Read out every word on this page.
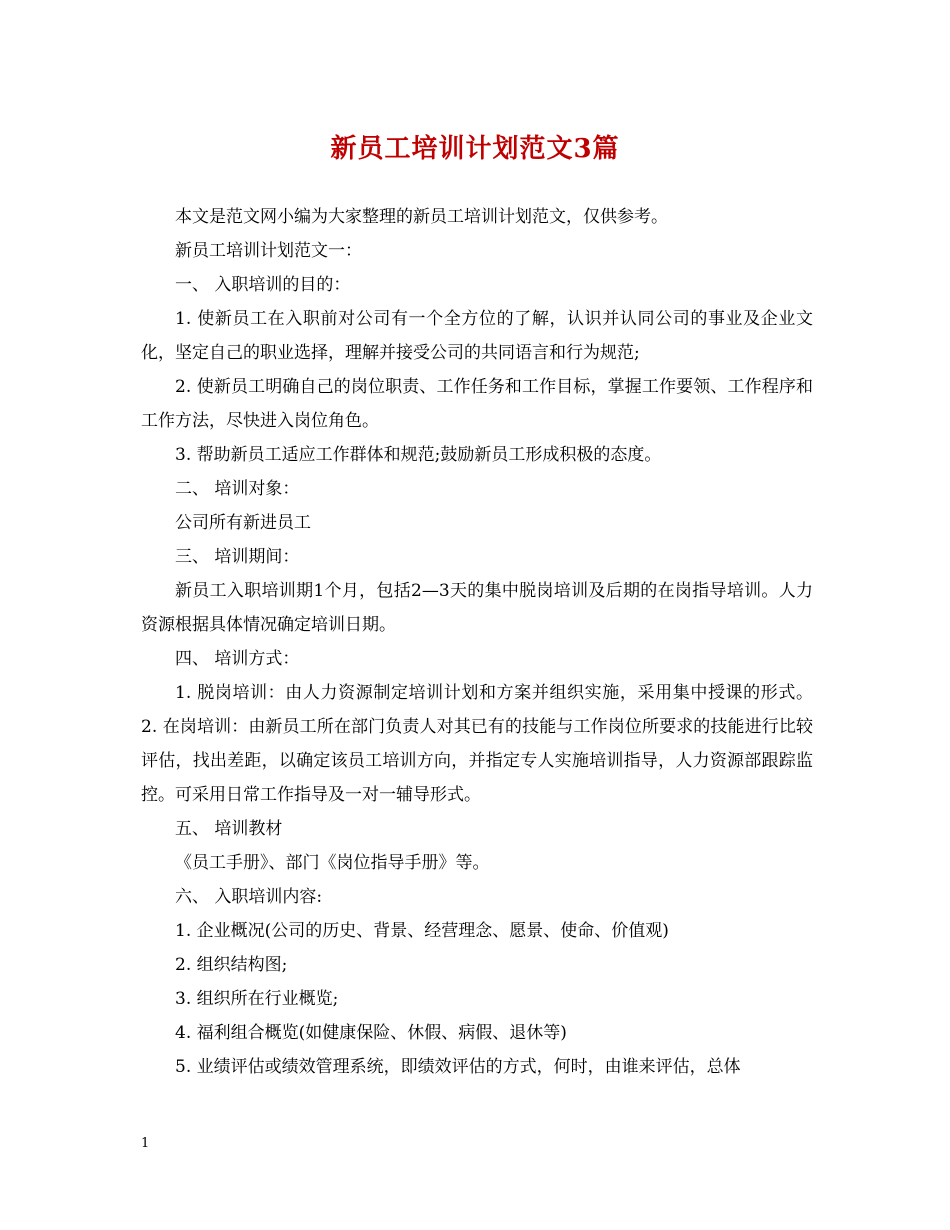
新员工培训计划范文3篇

本文是范文网小编为大家整理的新员工培训计划范文，仅供参考。

新员工培训计划范文一：

一、 入职培训的目的：

1. 使新员工在入职前对公司有一个全方位的了解，认识并认同公司的事业及企业文化，坚定自己的职业选择，理解并接受公司的共同语言和行为规范;

2. 使新员工明确自己的岗位职责、工作任务和工作目标，掌握工作要领、工作程序和工作方法，尽快进入岗位角色。

3. 帮助新员工适应工作群体和规范;鼓励新员工形成积极的态度。

二、 培训对象：

公司所有新进员工

三、 培训期间：

新员工入职培训期1个月，包括2—3天的集中脱岗培训及后期的在岗指导培训。人力资源根据具体情况确定培训日期。

四、 培训方式：

1. 脱岗培训：由人力资源制定培训计划和方案并组织实施，采用集中授课的形式。 2. 在岗培训：由新员工所在部门负责人对其已有的技能与工作岗位所要求的技能进行比较评估，找出差距，以确定该员工培训方向，并指定专人实施培训指导，人力资源部跟踪监控。可采用日常工作指导及一对一辅导形式。

五、 培训教材

《员工手册》、部门《岗位指导手册》等。

六、 入职培训内容:

1. 企业概况(公司的历史、背景、经营理念、愿景、使命、价值观)

2. 组织结构图;

3. 组织所在行业概览;

4. 福利组合概览(如健康保险、休假、病假、退休等)

5. 业绩评估或绩效管理系统，即绩效评估的方式，何时，由谁来评估，总体

1
